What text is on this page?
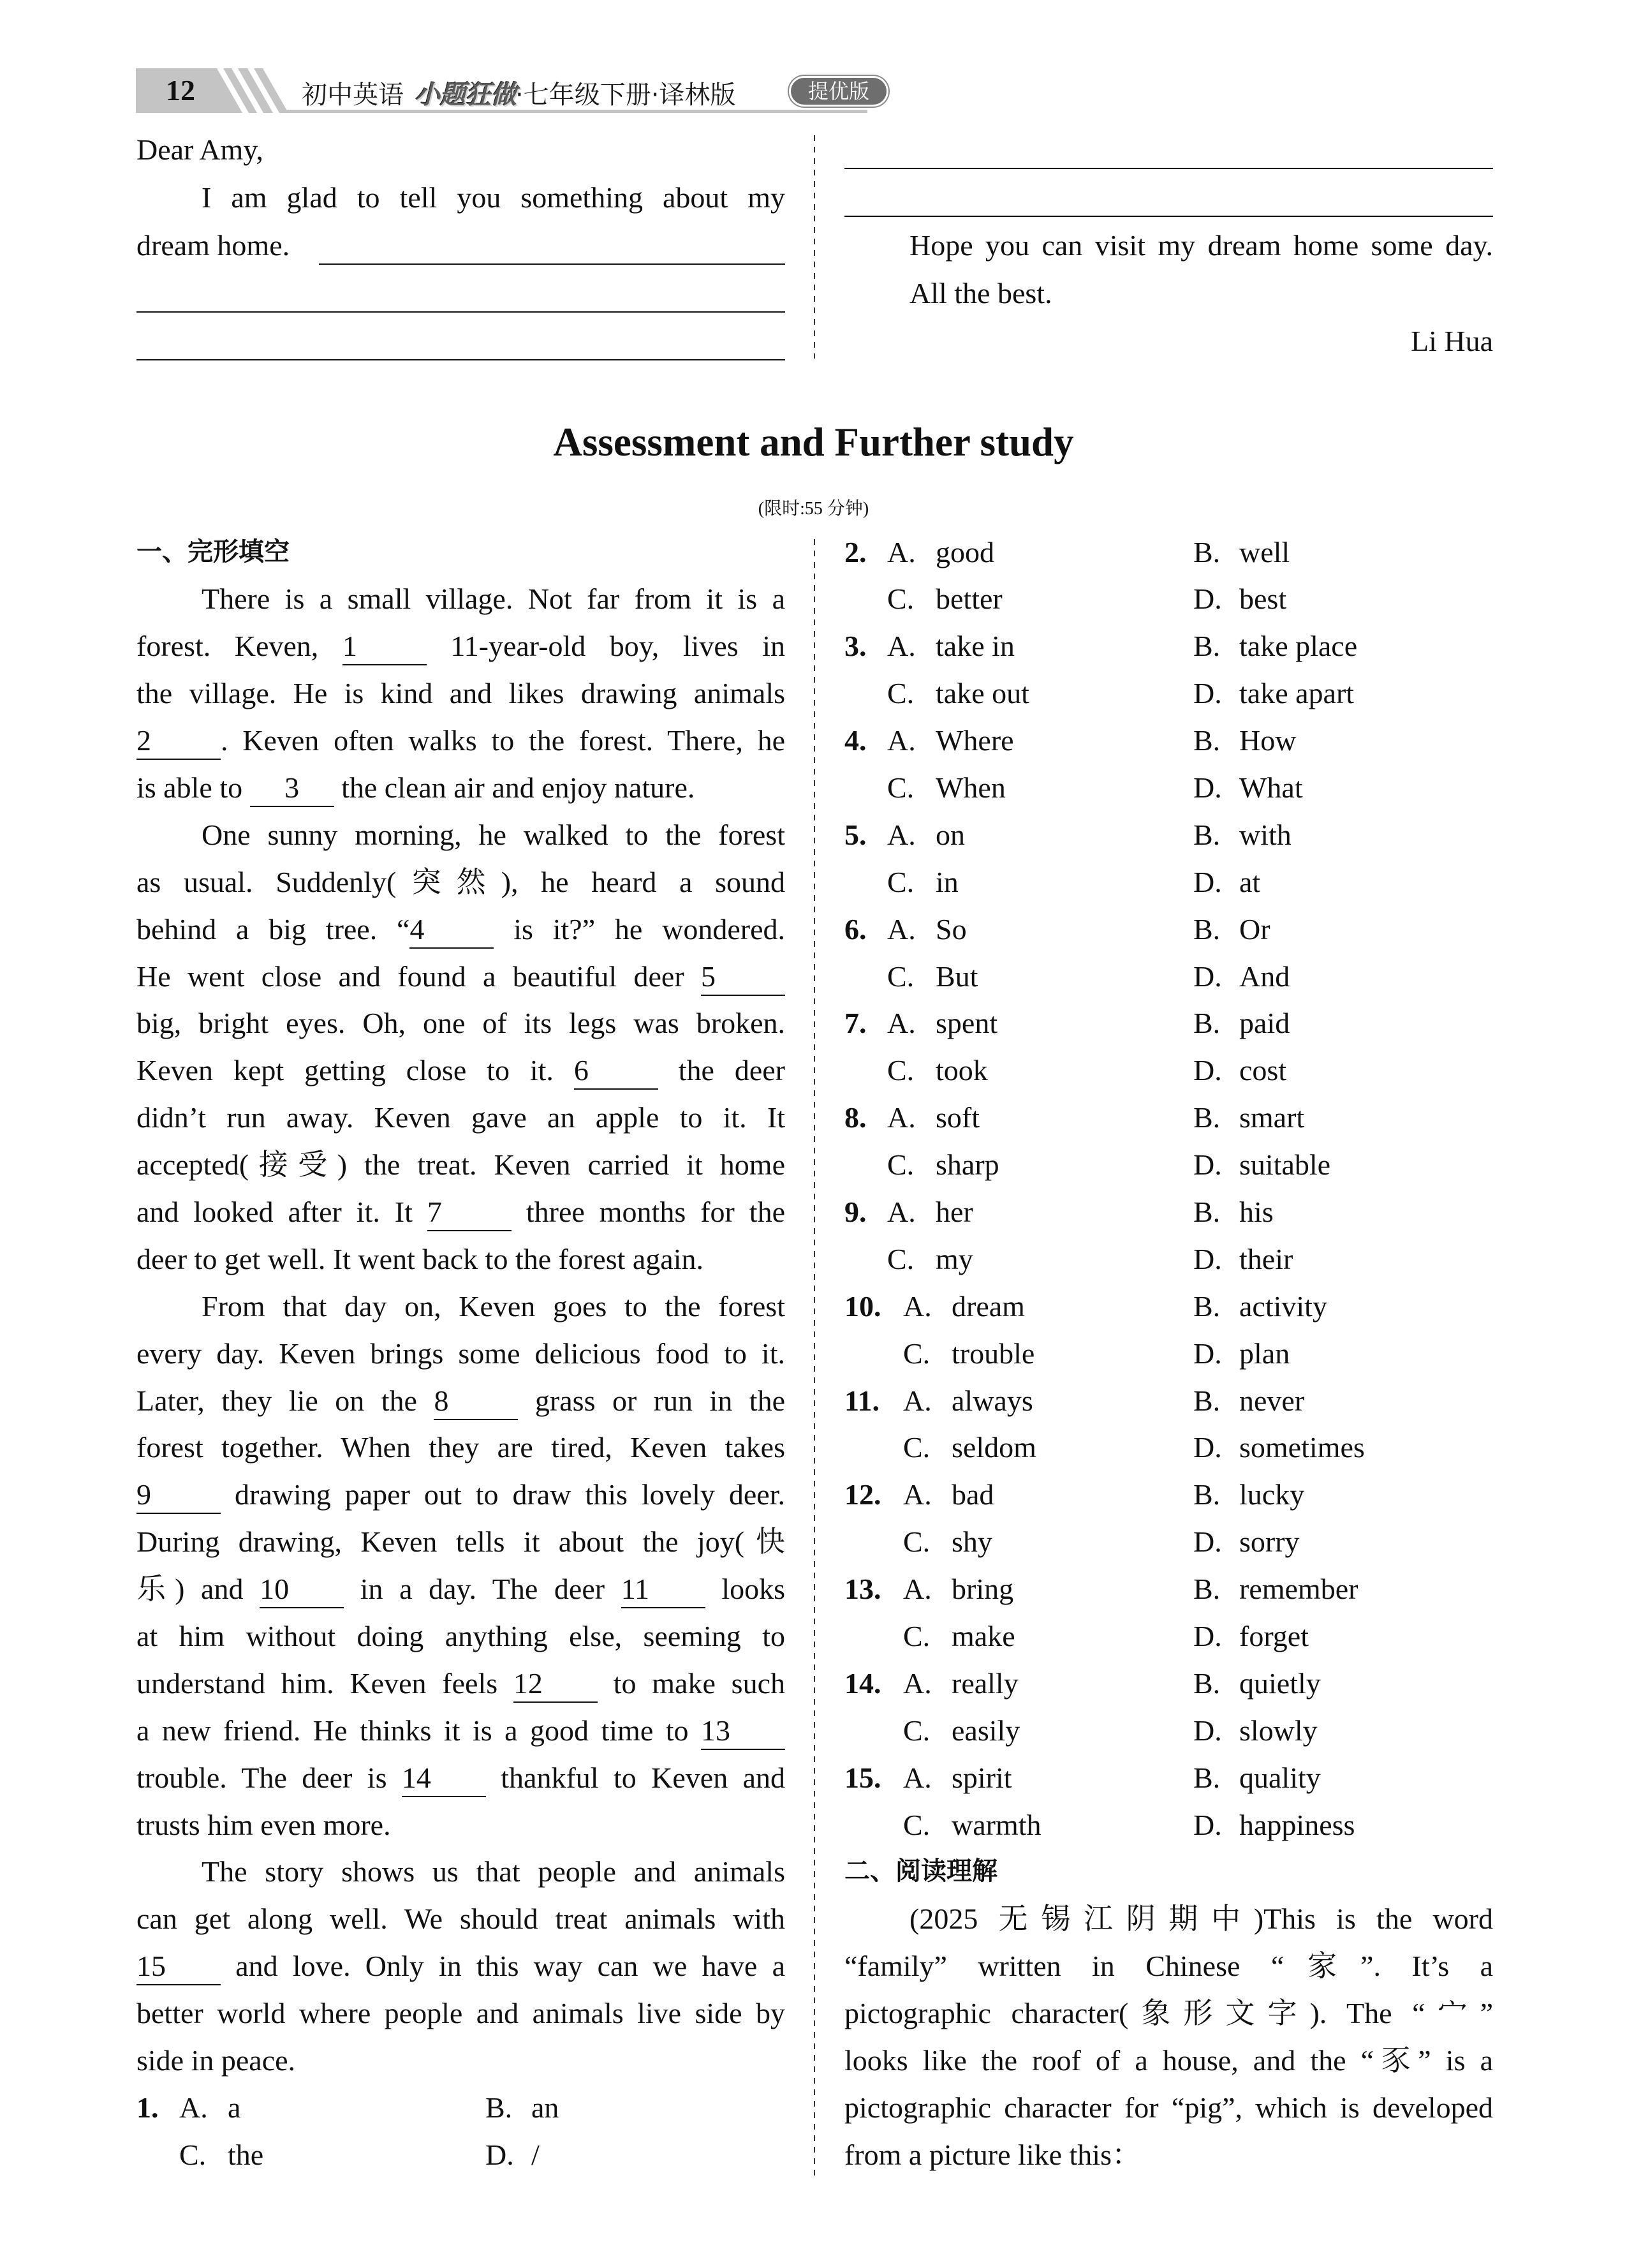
12	初中英语 小题狂做
·七年级下册·译林版	提优版
Dear Amy,
I am glad to tell you something about my
dream home.	Hope you can visit my dream home some day.
All the best.
Li Hua
Assessment and Further study
(限时:55 分钟)
一、完形填空
There is a small village. Not far from it is a
forest. Keven, 1 11-year-old boy, lives in
the village. He is kind and likes drawing animals
2 . Keven often walks to the forest. There, he
is able to 3 the clean air and enjoy nature.
One sunny morning, he walked to the forest
as usual. Suddenly(突然), he heard a sound
behind a big tree. “4 is it?” he wondered.
He went close and found a beautiful deer 5
big, bright eyes. Oh, one of its legs was broken.
Keven kept getting close to it. 6 the deer
didn’t run away. Keven gave an apple to it. It
accepted(接受) the treat. Keven carried it home
and looked after it. It 7 three months for the
deer to get well. It went back to the forest again.
From that day on, Keven goes to the forest
every day. Keven brings some delicious food to it.
Later, they lie on the 8 grass or run in the
forest together. When they are tired, Keven takes
9 drawing paper out to draw this lovely deer.
During drawing, Keven tells it about the joy(快
乐) and 10 in a day. The deer 11 looks
at him without doing anything else, seeming to
understand him. Keven feels 12 to make such
a new friend. He thinks it is a good time to 13
trouble. The deer is 14 thankful to Keven and
trusts him even more.
The story shows us that people and animals
can get along well. We should treat animals with
15 and love. Only in this way can we have a
better world where people and animals live side by
side in peace.
1. A. a	B. an
C. the	D. /
2. A. good	B. well
C. better	D. best
3. A. take in	B. take place
C. take out	D. take apart
4. A. Where	B. How
C. When	D. What
5. A. on	B. with
C. in	D. at
6. A. So	B. Or
C. But	D. And
7. A. spent	B. paid
C. took	D. cost
8. A. soft	B. smart
C. sharp	D. suitable
9. A. her	B. his
C. my	D. their
10. A. dream	B. activity
C. trouble	D. plan
11. A. always	B. never
C. seldom	D. sometimes
12. A. bad	B. lucky
C. shy	D. sorry
13. A. bring	B. remember
C. make	D. forget
14. A. really	B. quietly
C. easily	D. slowly
15. A. spirit	B. quality
C. warmth	D. happiness
二、阅读理解
(2025 无锡江阴期中)This is the word
“family” written in Chinese “家”. It’s a
pictographic character(象形文字). The “宀”
looks like the roof of a house, and the “豕” is a
pictographic character for “pig”, which is developed
from a picture like this：
